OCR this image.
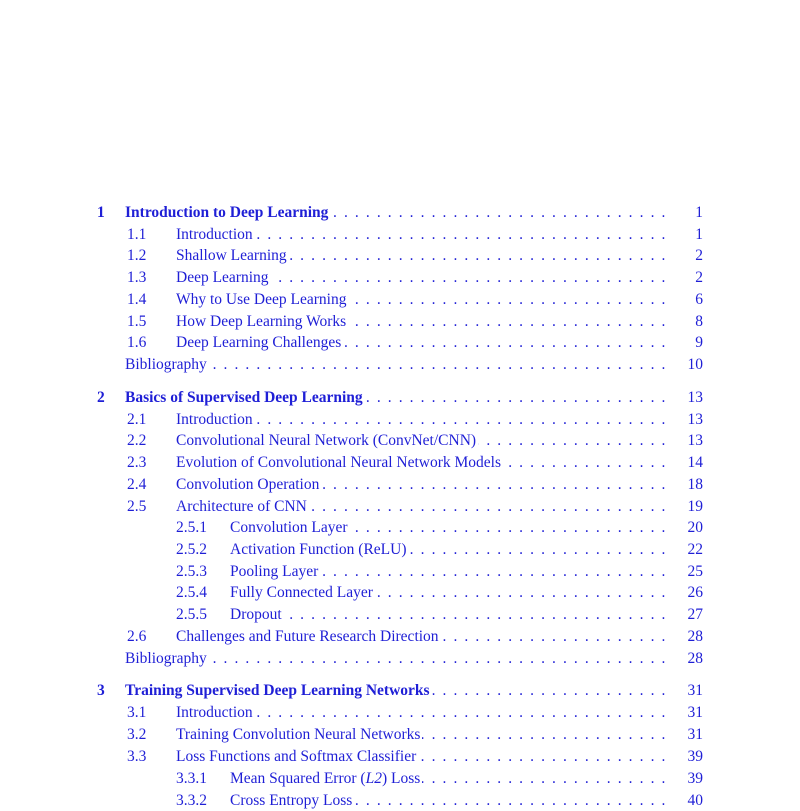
1 Introduction to Deep Learning . . .	1
1.1 Introduction . . .	1
1.2 Shallow Learning . . .	2
1.3 Deep Learning . . .	2
1.4 Why to Use Deep Learning . . .	6
1.5 How Deep Learning Works . . .	8
1.6 Deep Learning Challenges . . .	9
Bibliography . . .	10
2 Basics of Supervised Deep Learning . . .	13
2.1 Introduction . . .	13
2.2 Convolutional Neural Network (ConvNet/CNN) . . .	13
2.3 Evolution of Convolutional Neural Network Models . . .	14
2.4 Convolution Operation . . .	18
2.5 Architecture of CNN . . .	19
2.5.1 Convolution Layer . . .	20
2.5.2 Activation Function (ReLU) . . .	22
2.5.3 Pooling Layer . . .	25
2.5.4 Fully Connected Layer . . .	26
2.5.5 Dropout . . .	27
2.6 Challenges and Future Research Direction . . .	28
Bibliography . . .	28
3 Training Supervised Deep Learning Networks . . .	31
3.1 Introduction . . .	31
3.2 Training Convolution Neural Networks . . .	31
3.3 Loss Functions and Softmax Classifier . . .	39
3.3.1 Mean Squared Error (L2) Loss . . .	39
3.3.2 Cross Entropy Loss . . .	40
